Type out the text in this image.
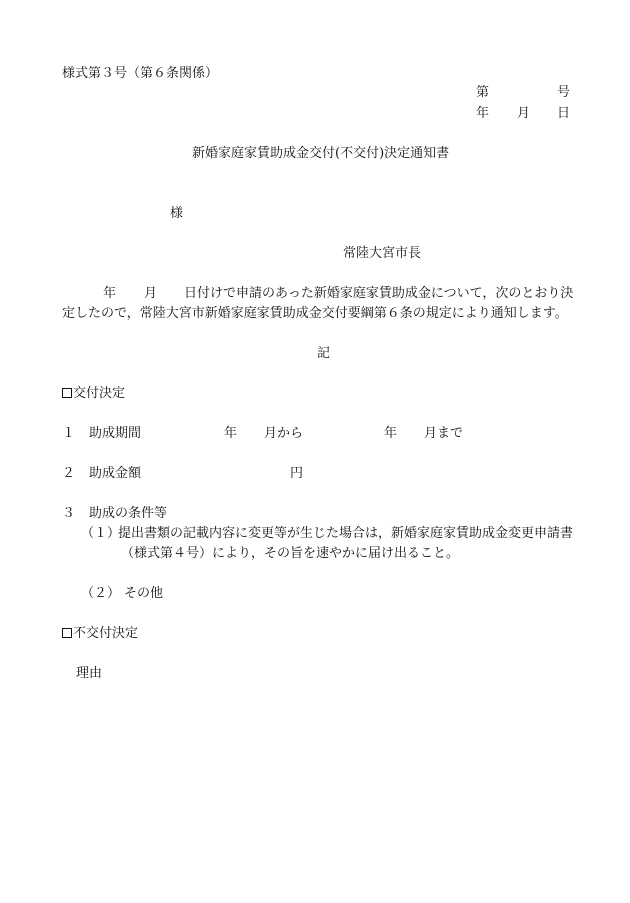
様式第３号（第６条関係）
第	号
年 月 日
新婚家庭家賃助成金交付(不交付)決定通知書
様
常陸大宮市長
年 月 日付けで申請のあった新婚家庭家賃助成金について，次のとおり決
定したので，常陸大宮市新婚家庭家賃助成金交付要綱第６条の規定により通知します。
記
交付決定
１ 助成期間	年 月から	年 月まで
２ 助成金額	円
３ 助成の条件等
（１）
提出書類の記載内容に変更等が生じた場合は，新婚家庭家賃助成金変更申請書
（様式第４号）により，その旨を速やかに届け出ること。
（２） その他
不交付決定
理由
